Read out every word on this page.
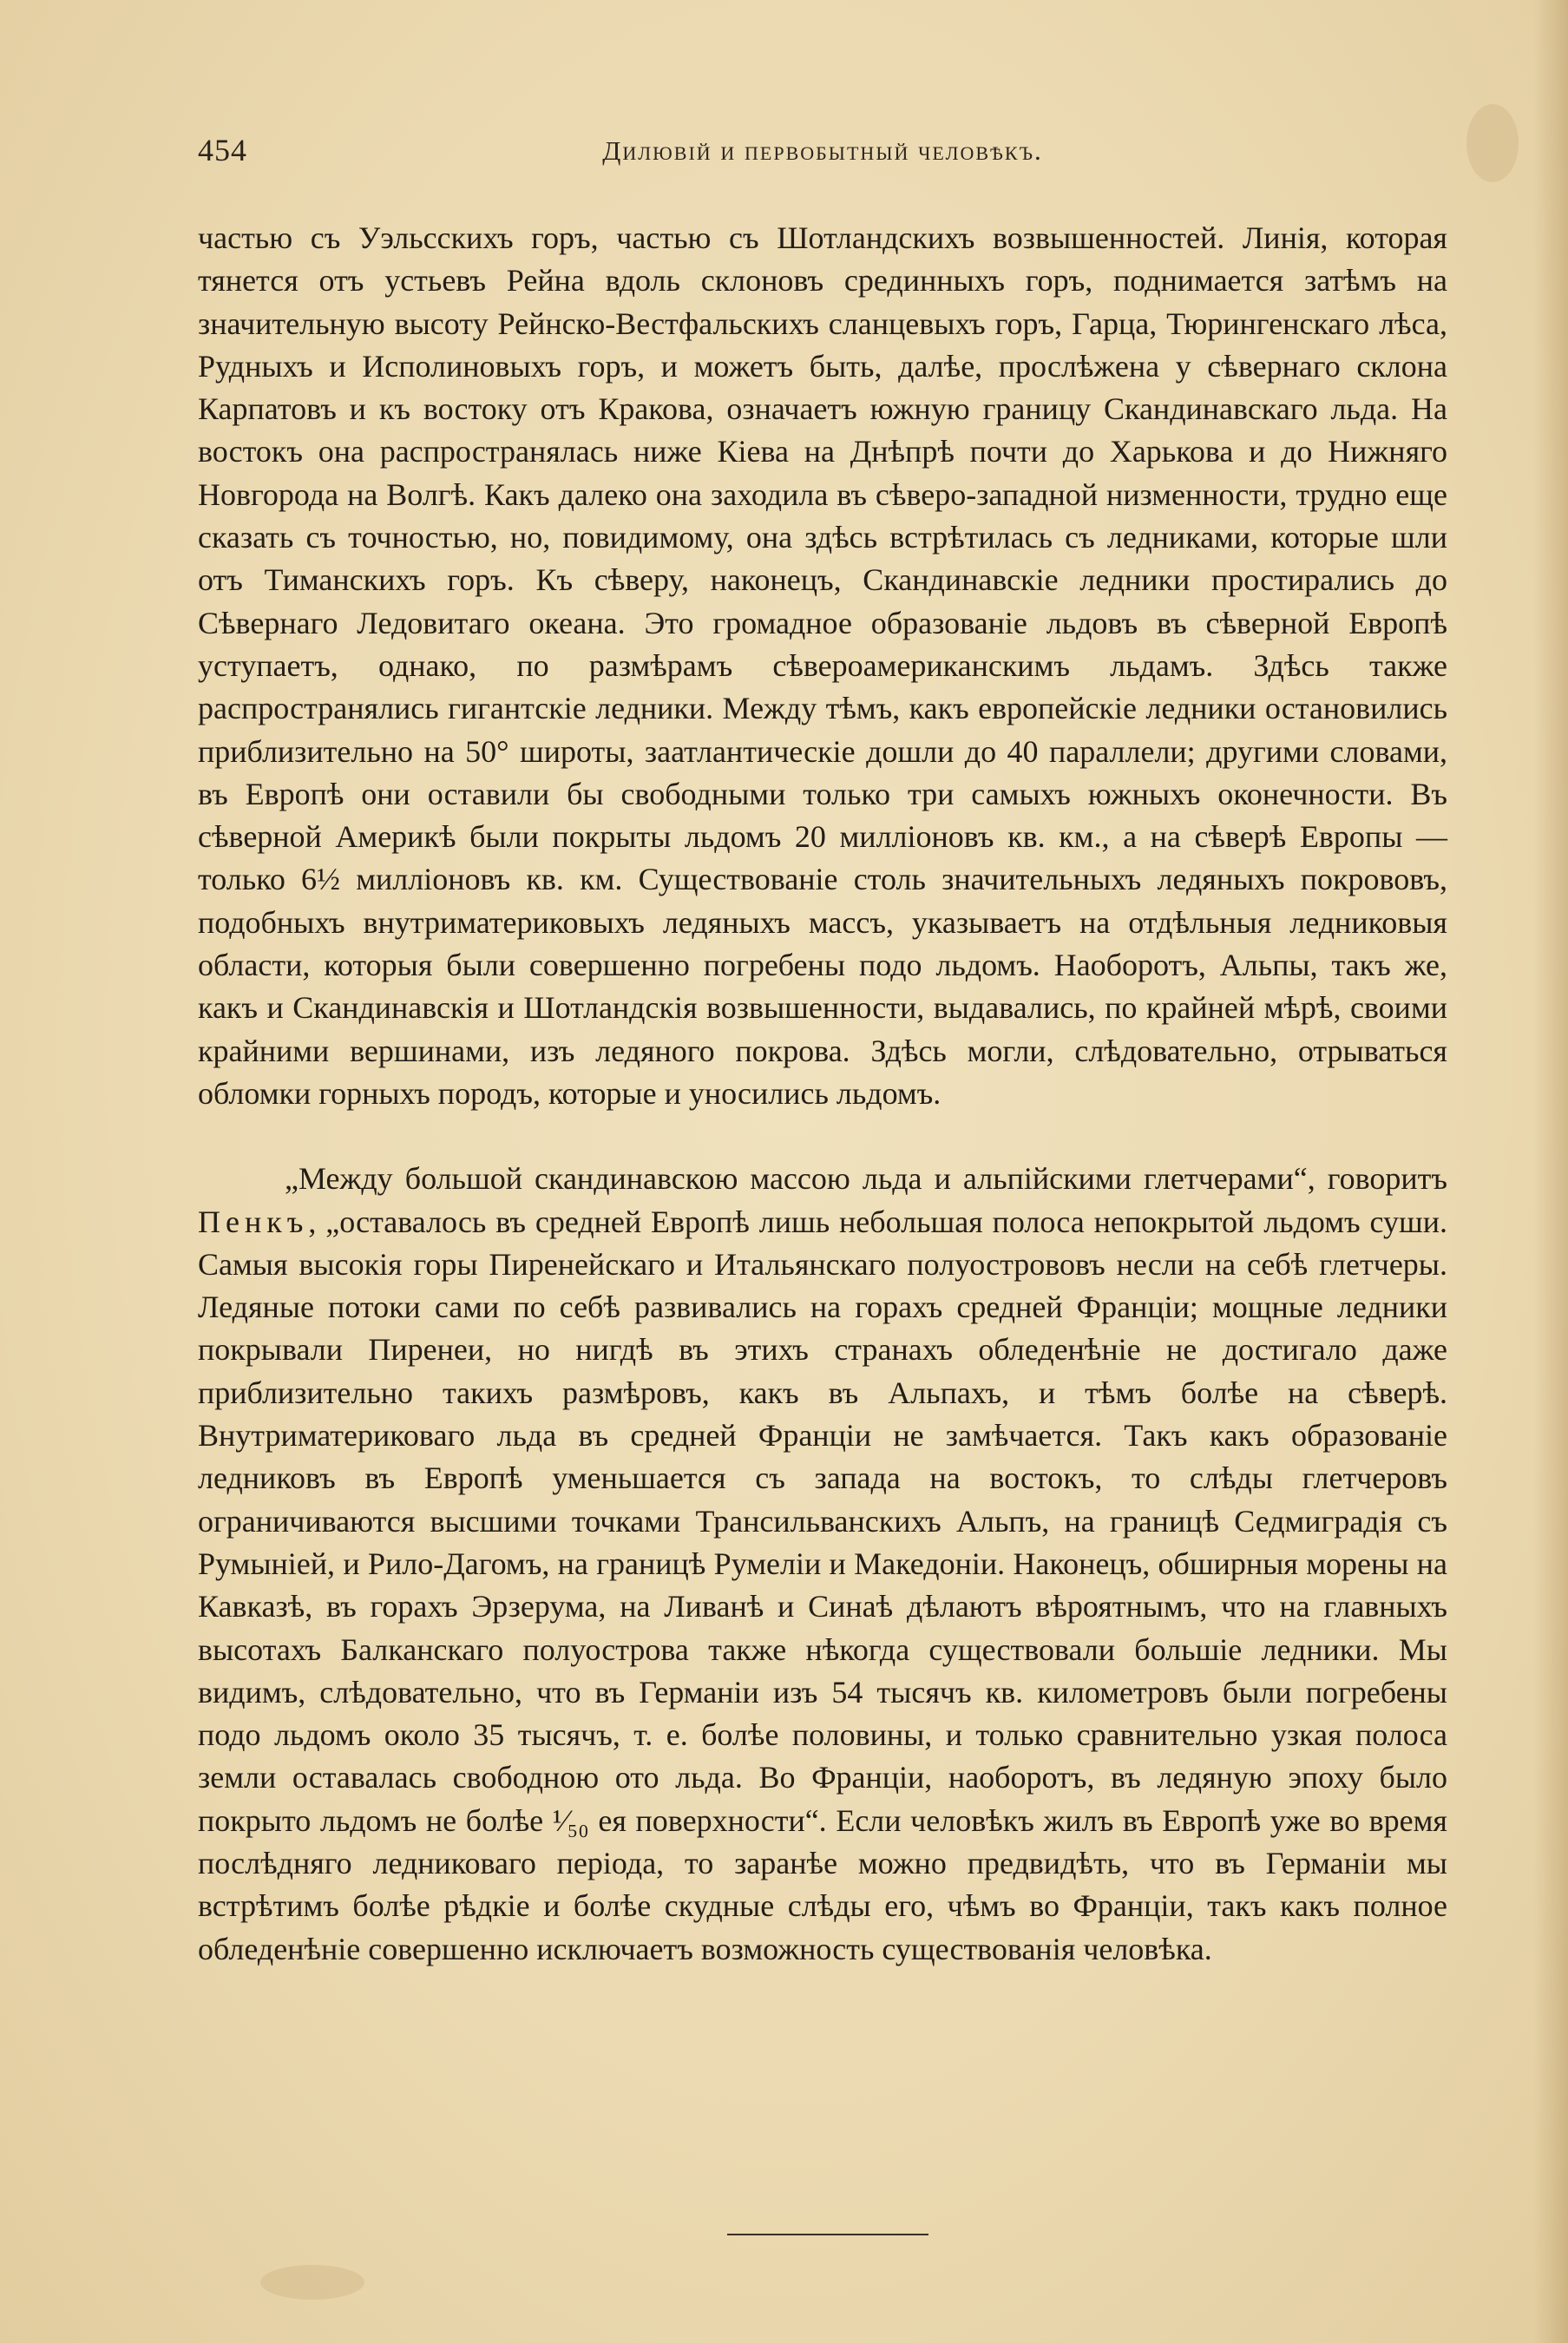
454	Дилювій и первобытный человѣкъ.

частью съ Уэльсскихъ горъ, частью съ Шотландскихъ возвышенностей. Линія, которая тянется отъ устьевъ Рейна вдоль склоновъ срединныхъ горъ, поднимается затѣмъ на значительную высоту Рейнско-Вестфальскихъ сланцевыхъ горъ, Гарца, Тюрингенскаго лѣса, Рудныхъ и Исполиновыхъ горъ, и можетъ быть, далѣе, прослѣжена у сѣвернаго склона Карпатовъ и къ востоку отъ Кракова, означаетъ южную границу Скандинавскаго льда. На востокъ она распространялась ниже Кіева на Днѣпрѣ почти до Харькова и до Нижняго Новгорода на Волгѣ. Какъ далеко она заходила въ сѣверо-западной низменности, трудно еще сказать съ точностью, но, повидимому, она здѣсь встрѣтилась съ ледниками, которые шли отъ Тиманскихъ горъ. Къ сѣверу, наконецъ, Скандинавскіе ледники простирались до Сѣвернаго Ледовитаго океана. Это громадное образованіе льдовъ въ сѣверной Европѣ уступаетъ, однако, по размѣрамъ сѣвероамериканскимъ льдамъ. Здѣсь также распространялись гигантскіе ледники. Между тѣмъ, какъ европейскіе ледники остановились приблизительно на 50° широты, заатлантическіе дошли до 40 параллели; другими словами, въ Европѣ они оставили бы свободными только три самыхъ южныхъ оконечности. Въ сѣверной Америкѣ были покрыты льдомъ 20 милліоновъ кв. км., а на сѣверѣ Европы — только 6½ милліоновъ кв. км. Существованіе столь значительныхъ ледяныхъ покрововъ, подобныхъ внутриматериковыхъ ледяныхъ массъ, указываетъ на отдѣльныя ледниковыя области, которыя были совершенно погребены подо льдомъ. Наоборотъ, Альпы, такъ же, какъ и Скандинавскія и Шотландскія возвышенности, выдавались, по крайней мѣрѣ, своими крайними вершинами, изъ ледяного покрова. Здѣсь могли, слѣдовательно, отрываться обломки горныхъ породъ, которые и уносились льдомъ.

„Между большой скандинавскою массою льда и альпійскими глетчерами“, говоритъ Пенкъ, „оставалось въ средней Европѣ лишь небольшая полоса непокрытой льдомъ суши. Самыя высокія горы Пиренейскаго и Итальянскаго полуострововъ несли на себѣ глетчеры. Ледяные потоки сами по себѣ развивались на горахъ средней Франціи; мощные ледники покрывали Пиренеи, но нигдѣ въ этихъ странахъ обледенѣніе не достигало даже приблизительно такихъ размѣровъ, какъ въ Альпахъ, и тѣмъ болѣе на сѣверѣ. Внутриматериковаго льда въ средней Франціи не замѣчается. Такъ какъ образованіе ледниковъ въ Европѣ уменьшается съ запада на востокъ, то слѣды глетчеровъ ограничиваются высшими точками Трансильванскихъ Альпъ, на границѣ Седмиградія съ Румыніей, и Рило-Дагомъ, на границѣ Румеліи и Македоніи. Наконецъ, обширныя морены на Кавказѣ, въ горахъ Эрзерума, на Ливанѣ и Синаѣ дѣлаютъ вѣроятнымъ, что на главныхъ высотахъ Балканскаго полуострова также нѣкогда существовали большіе ледники. Мы видимъ, слѣдовательно, что въ Германіи изъ 54 тысячъ кв. километровъ были погребены подо льдомъ около 35 тысячъ, т. е. болѣе половины, и только сравнительно узкая полоса земли оставалась свободною ото льда. Во Франціи, наоборотъ, въ ледяную эпоху было покрыто льдомъ не болѣе ¹⁄₅₀ ея поверхности“. Если человѣкъ жилъ въ Европѣ уже во время послѣдняго ледниковаго періода, то заранѣе можно предвидѣть, что въ Германіи мы встрѣтимъ болѣе рѣдкіе и болѣе скудные слѣды его, чѣмъ во Франціи, такъ какъ полное обледенѣніе совершенно исключаетъ возможность существованія человѣка.
